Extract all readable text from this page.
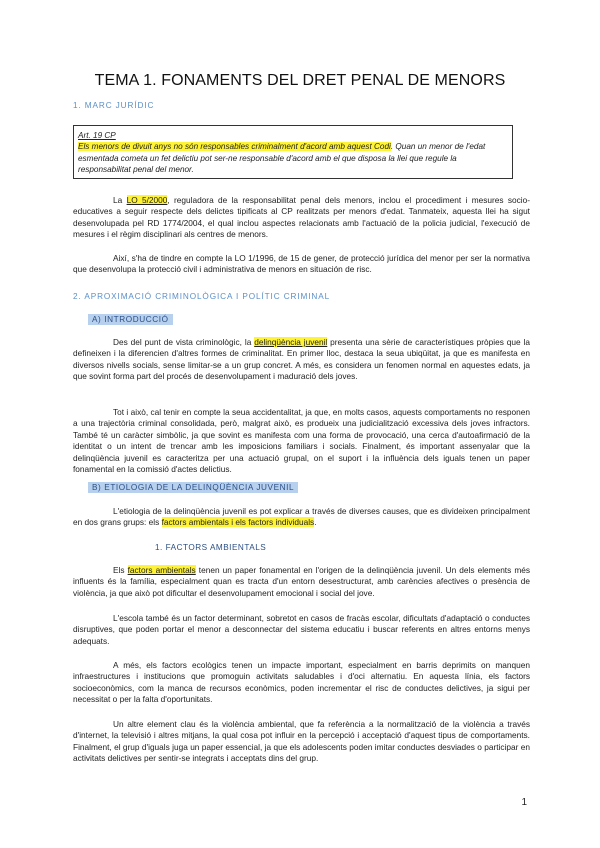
TEMA 1. FONAMENTS DEL DRET PENAL DE MENORS

1. MARC JURÍDIC

Art. 19 CP
Els menors de divuit anys no són responsables criminalment d'acord amb aquest Codi. Quan un menor de l'edat esmentada cometa un fet delictiu pot ser-ne responsable d'acord amb el que disposa la llei que regule la responsabilitat penal del menor.

La LO 5/2000, reguladora de la responsabilitat penal dels menors, inclou el procediment i mesures socio-educatives a seguir respecte dels delictes tipificats al CP realitzats per menors d'edat. Tanmateix, aquesta llei ha sigut desenvolupada pel RD 1774/2004, el qual inclou aspectes relacionats amb l'actuació de la policia judicial, l'execució de mesures i el règim disciplinari als centres de menors.

Així, s'ha de tindre en compte la LO 1/1996, de 15 de gener, de protecció jurídica del menor per ser la normativa que desenvolupa la protecció civil i administrativa de menors en situación de risc.

2. APROXIMACIÓ CRIMINOLÒGICA I POLÍTIC CRIMINAL

A) INTRODUCCIÓ

Des del punt de vista criminològic, la delinqüència juvenil presenta una sèrie de característiques pròpies que la defineixen i la diferencien d'altres formes de criminalitat. En primer lloc, destaca la seua ubiqüitat, ja que es manifesta en diversos nivells socials, sense limitar-se a un grup concret. A més, es considera un fenomen normal en aquestes edats, ja que sovint forma part del procés de desenvolupament i maduració dels joves.

Tot i això, cal tenir en compte la seua accidentalitat, ja que, en molts casos, aquests comportaments no responen a una trajectòria criminal consolidada, però, malgrat això, es produeix una judicialització excessiva dels joves infractors. També té un caràcter simbòlic, ja que sovint es manifesta com una forma de provocació, una cerca d'autoafirmació de la identitat o un intent de trencar amb les imposicions familiars i socials. Finalment, és important assenyalar que la delinqüència juvenil es caracteritza per una actuació grupal, on el suport i la influència dels iguals tenen un paper fonamental en la comissió d'actes delictius.

B) ETIOLOGIA DE LA DELINQÜÈNCIA JUVENIL

L'etiologia de la delinqüència juvenil es pot explicar a través de diverses causes, que es divideixen principalment en dos grans grups: els factors ambientals i els factors individuals.

1. FACTORS AMBIENTALS

Els factors ambientals tenen un paper fonamental en l'origen de la delinqüència juvenil. Un dels elements més influents és la família, especialment quan es tracta d'un entorn desestructurat, amb carències afectives o presència de violència, ja que això pot dificultar el desenvolupament emocional i social del jove.

L'escola també és un factor determinant, sobretot en casos de fracàs escolar, dificultats d'adaptació o conductes disruptives, que poden portar el menor a desconnectar del sistema educatiu i buscar referents en altres entorns menys adequats.

A més, els factors ecològics tenen un impacte important, especialment en barris deprimits on manquen infraestructures i institucions que promoguin activitats saludables i d'oci alternatiu. En aquesta línia, els factors socioeconòmics, com la manca de recursos econòmics, poden incrementar el risc de conductes delictives, ja sigui per necessitat o per la falta d'oportunitats.

Un altre element clau és la violència ambiental, que fa referència a la normalització de la violència a través d'internet, la televisió i altres mitjans, la qual cosa pot influir en la percepció i acceptació d'aquest tipus de comportaments. Finalment, el grup d'iguals juga un paper essencial, ja que els adolescents poden imitar conductes desviades o participar en activitats delictives per sentir-se integrats i acceptats dins del grup.

1
